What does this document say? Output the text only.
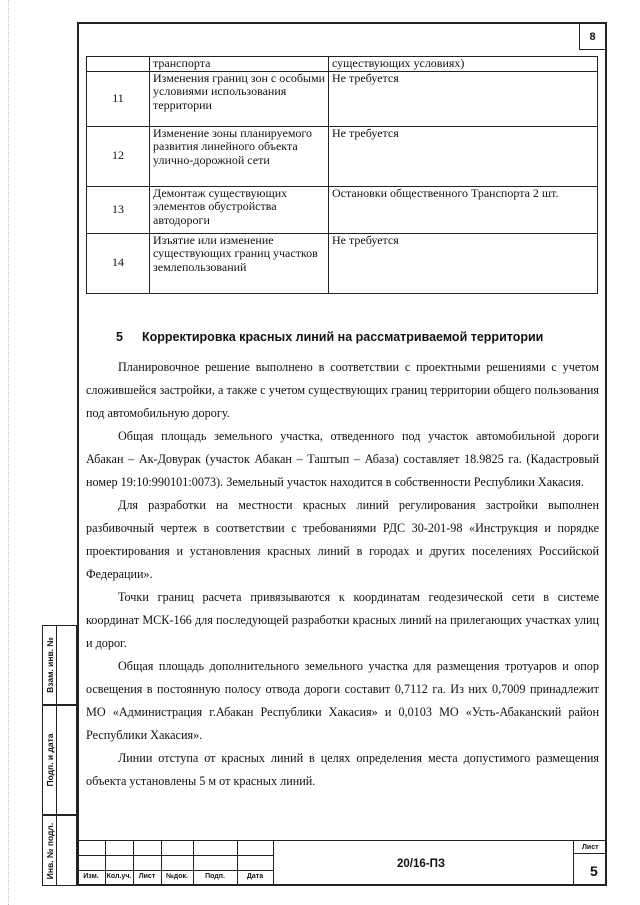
8
	транспорта	существующих условиях)
11	Изменения границ зон с особыми условиями использования территории	Не требуется
12	Изменение зоны планируемого развития линейного объекта улично-дорожной сети	Не требуется
13	Демонтаж существующих элементов обустройства автодороги	Остановки общественного Транспорта 2 шт.
14	Изъятие или изменение существующих границ участков землепользований	Не требуется
5 Корректировка красных линий на рассматриваемой территории

Планировочное решение выполнено в соответствии с проектными решениями с учетом сложившейся застройки, а также с учетом существующих границ территории общего пользования под автомобильную дорогу.

Общая площадь земельного участка, отведенного под участок автомобильной дороги Абакан – Ак-Довурак (участок Абакан – Таштып – Абаза) составляет 18.9825 га. (Кадастровый номер 19:10:990101:0073). Земельный участок находится в собственности Республики Хакасия.

Для разработки на местности красных линий регулирования застройки выполнен разбивочный чертеж в соответствии с требованиями РДС 30-201-98 «Инструкция и порядке проектирования и установления красных линий в городах и других поселениях Российской Федерации».

Точки границ расчета привязываются к координатам геодезической сети в системе координат МСК-166 для последующей разработки красных линий на прилегающих участках улиц и дорог.

Общая площадь дополнительного земельного участка для размещения тротуаров и опор освещения в постоянную полосу отвода дороги составит 0,7112 га. Из них 0,7009 принадлежит МО «Администрация г.Абакан Республики Хакасия» и 0,0103 МО «Усть-Абаканский район Республики Хакасия».

Линии отступа от красных линий в целях определения места допустимого размещения объекта установлены 5 м от красных линий.

Взам. инв. №
Подп. и дата
Инв. № подл.	Изм.	Кол.уч.	Лист	№док.	Подп.	Дата
20/16-ПЗ
Лист
5
